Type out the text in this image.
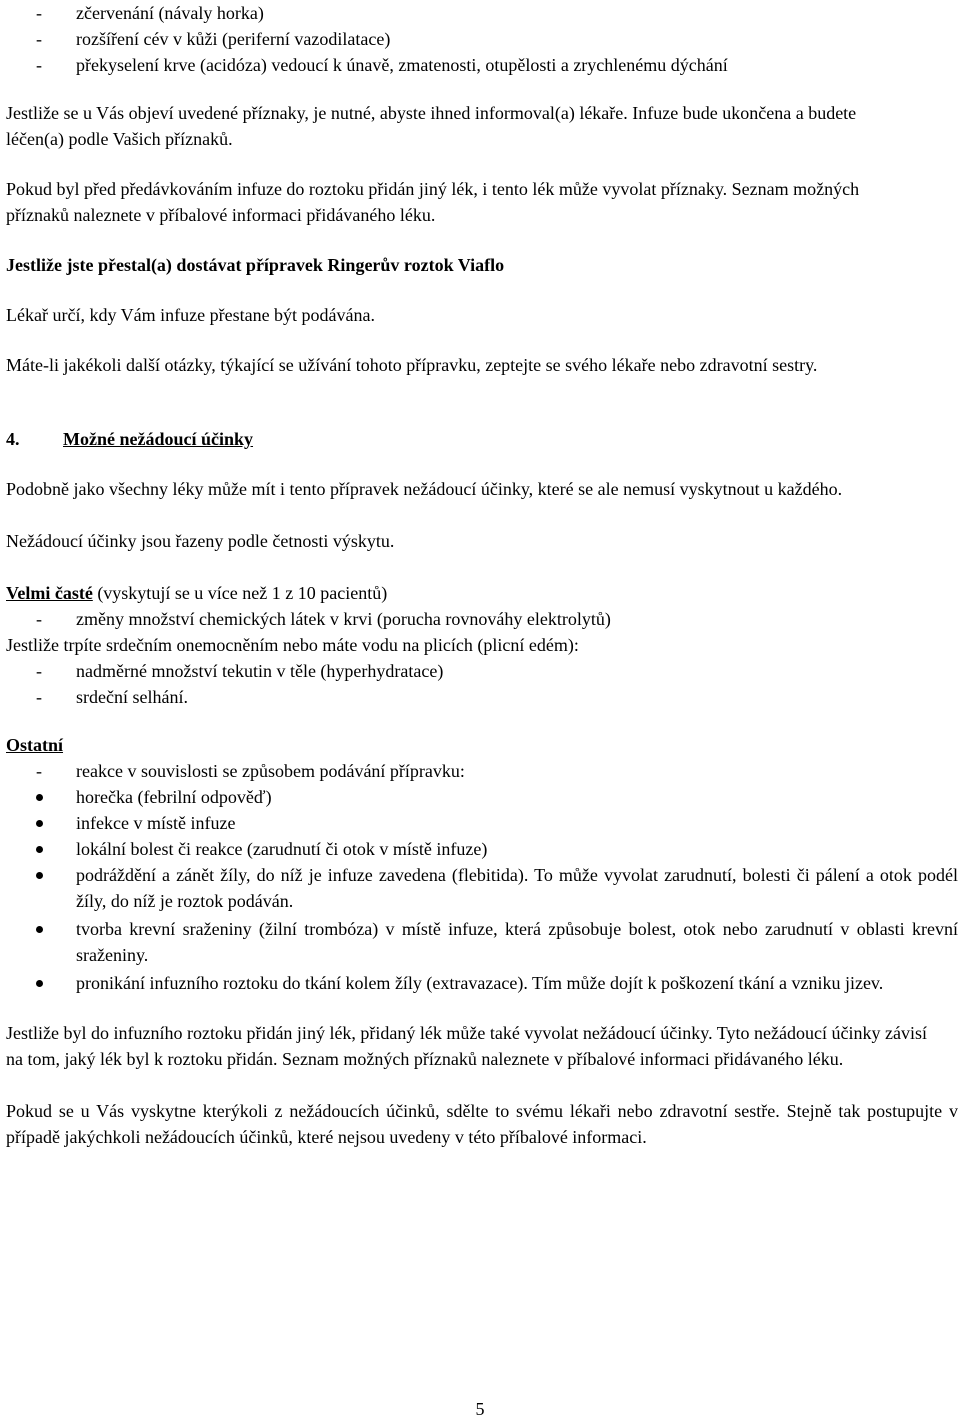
- zčervenání (návaly horka)
- rozšíření cév v kůži (periferní vazodilatace)
- překyselení krve (acidóza) vedoucí k únavě, zmatenosti, otupělosti a zrychlenému dýchání

Jestliže se u Vás objeví uvedené příznaky, je nutné, abyste ihned informoval(a) lékaře. Infuze bude ukončena a budete léčen(a) podle Vašich příznaků.

Pokud byl před předávkováním infuze do roztoku přidán jiný lék, i tento lék může vyvolat příznaky. Seznam možných příznaků naleznete v příbalové informaci přidávaného léku.

Jestliže jste přestal(a) dostávat přípravek Ringerův roztok Viaflo

Lékař určí, kdy Vám infuze přestane být podávána.

Máte-li jakékoli další otázky, týkající se užívání tohoto přípravku, zeptejte se svého lékaře nebo zdravotní sestry.

4. Možné nežádoucí účinky

Podobně jako všechny léky může mít i tento přípravek nežádoucí účinky, které se ale nemusí vyskytnout u každého.

Nežádoucí účinky jsou řazeny podle četnosti výskytu.

Velmi časté (vyskytují se u více než 1 z 10 pacientů)

- změny množství chemických látek v krvi (porucha rovnováhy elektrolytů)

Jestliže trpíte srdečním onemocněním nebo máte vodu na plicích (plicní edém):

- nadměrné množství tekutin v těle (hyperhydratace)
- srdeční selhání.

Ostatní

- reakce v souvislosti se způsobem podávání přípravku:
horečka (febrilní odpověď)
infekce v místě infuze
lokální bolest či reakce (zarudnutí či otok v místě infuze)
podráždění a zánět žíly, do níž je infuze zavedena (flebitida). To může vyvolat zarudnutí, bolesti či pálení a otok podél žíly, do níž je roztok podáván.
tvorba krevní sraženiny (žilní trombóza) v místě infuze, která způsobuje bolest, otok nebo zarudnutí v oblasti krevní sraženiny.
pronikání infuzního roztoku do tkání kolem žíly (extravazace). Tím může dojít k poškození tkání a vzniku jizev.

Jestliže byl do infuzního roztoku přidán jiný lék, přidaný lék může také vyvolat nežádoucí účinky. Tyto nežádoucí účinky závisí na tom, jaký lék byl k roztoku přidán. Seznam možných příznaků naleznete v příbalové informaci přidávaného léku.

Pokud se u Vás vyskytne kterýkoli z nežádoucích účinků, sdělte to svému lékaři nebo zdravotní sestře. Stejně tak postupujte v případě jakýchkoli nežádoucích účinků, které nejsou uvedeny v této příbalové informaci.

5
